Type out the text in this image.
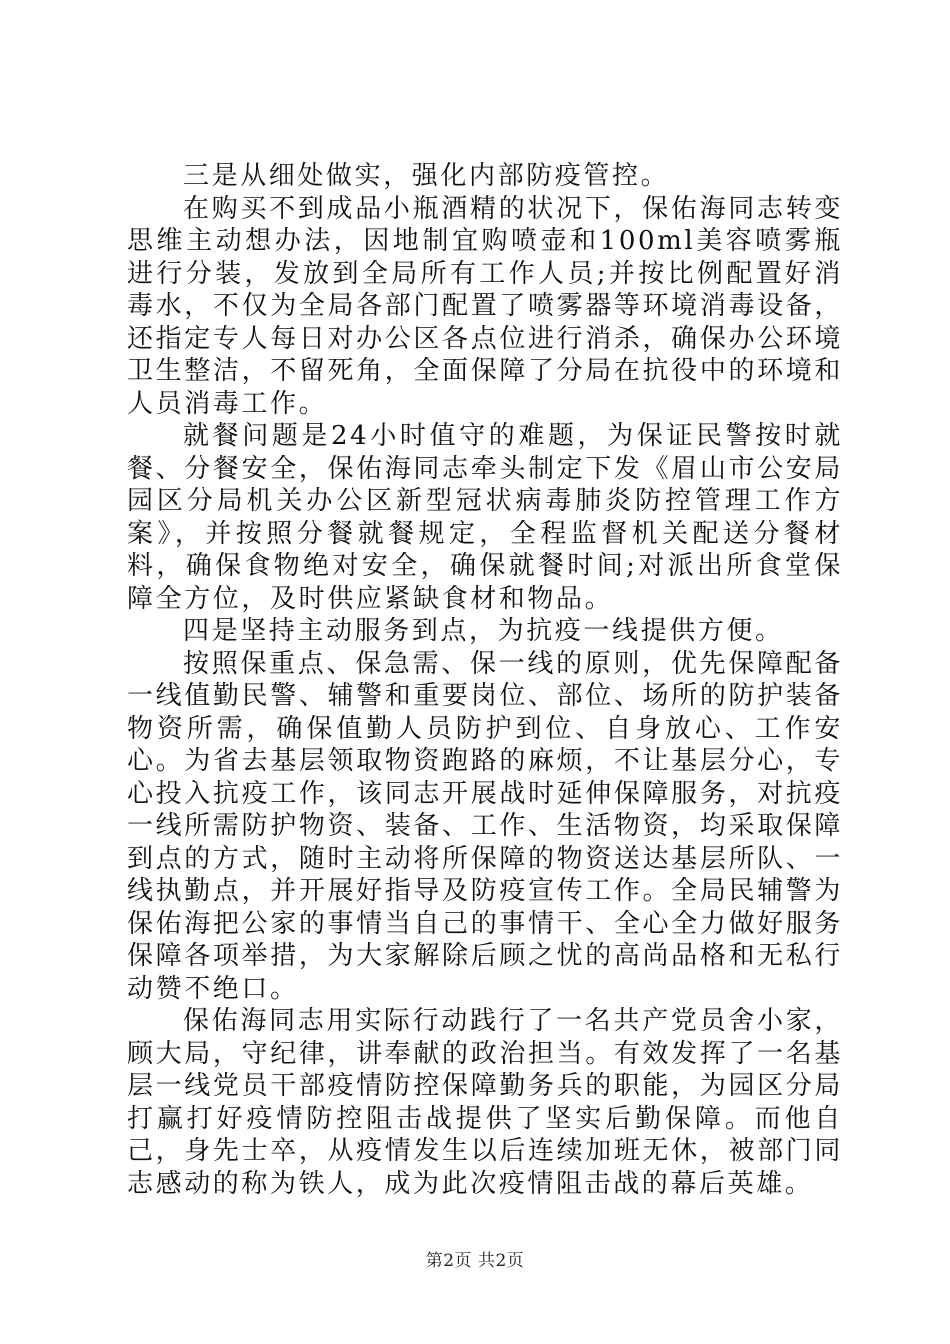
三是从细处做实，强化内部防疫管控。

在购买不到成品小瓶酒精的状况下，保佑海同志转变思维主动想办法，因地制宜购喷壶和100ml美容喷雾瓶进行分装，发放到全局所有工作人员;并按比例配置好消毒水，不仅为全局各部门配置了喷雾器等环境消毒设备，还指定专人每日对办公区各点位进行消杀，确保办公环境卫生整洁，不留死角，全面保障了分局在抗役中的环境和人员消毒工作。

就餐问题是24小时值守的难题，为保证民警按时就餐、分餐安全，保佑海同志牵头制定下发《眉山市公安局园区分局机关办公区新型冠状病毒肺炎防控管理工作方案》，并按照分餐就餐规定，全程监督机关配送分餐材料，确保食物绝对安全，确保就餐时间;对派出所食堂保障全方位，及时供应紧缺食材和物品。

四是坚持主动服务到点，为抗疫一线提供方便。

按照保重点、保急需、保一线的原则，优先保障配备一线值勤民警、辅警和重要岗位、部位、场所的防护装备物资所需，确保值勤人员防护到位、自身放心、工作安心。为省去基层领取物资跑路的麻烦，不让基层分心，专心投入抗疫工作，该同志开展战时延伸保障服务，对抗疫一线所需防护物资、装备、工作、生活物资，均采取保障到点的方式，随时主动将所保障的物资送达基层所队、一线执勤点，并开展好指导及防疫宣传工作。全局民辅警为保佑海把公家的事情当自己的事情干、全心全力做好服务保障各项举措，为大家解除后顾之忧的高尚品格和无私行动赞不绝口。

保佑海同志用实际行动践行了一名共产党员舍小家，顾大局，守纪律，讲奉献的政治担当。有效发挥了一名基层一线党员干部疫情防控保障勤务兵的职能，为园区分局打赢打好疫情防控阻击战提供了坚实后勤保障。而他自己，身先士卒，从疫情发生以后连续加班无休，被部门同志感动的称为铁人，成为此次疫情阻击战的幕后英雄。

第2页 共2页
